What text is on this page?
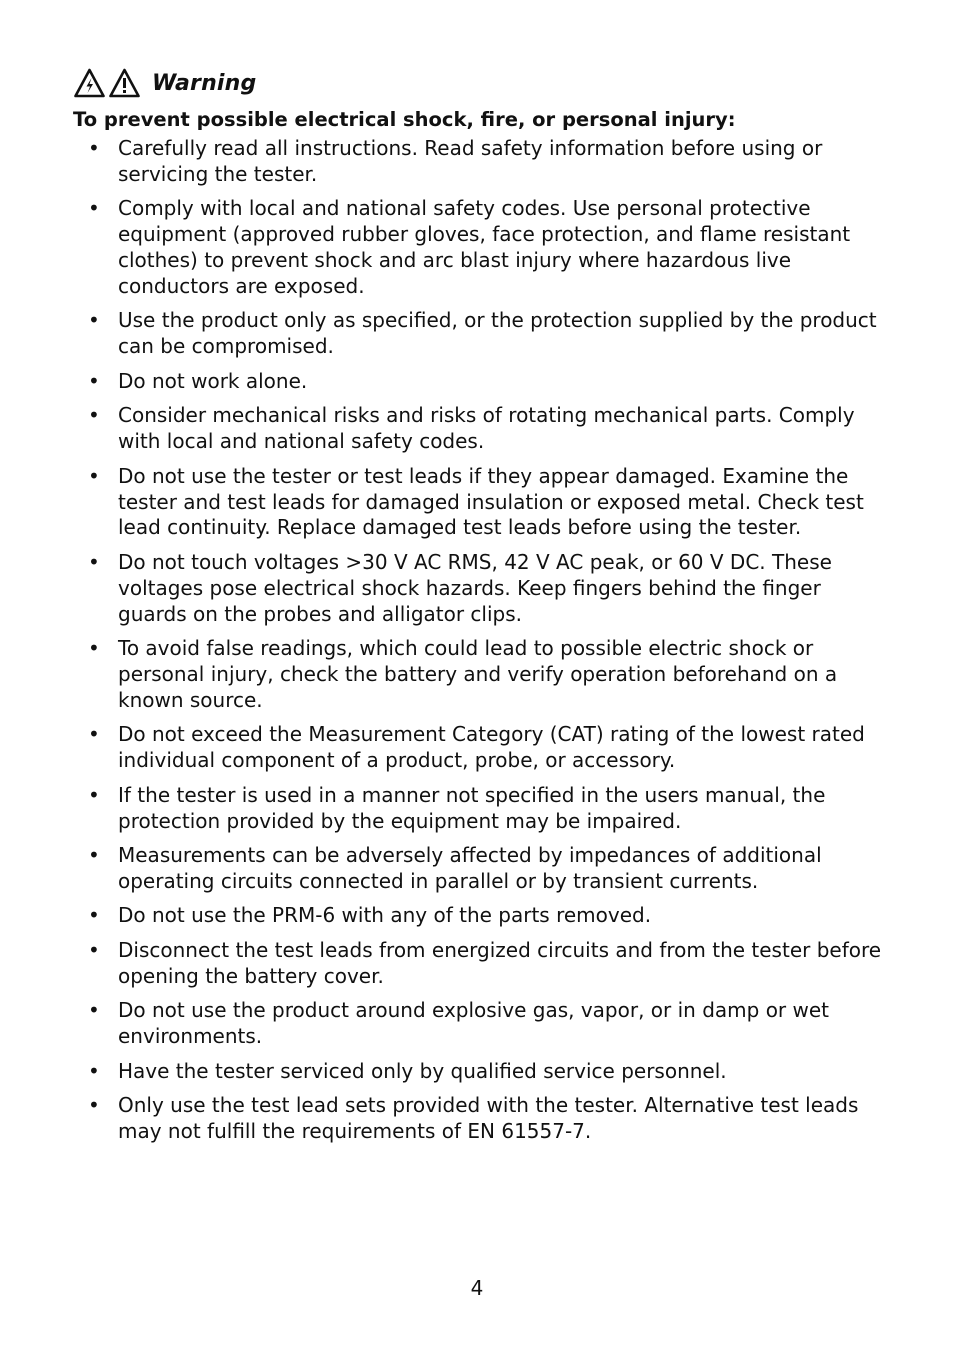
Warning
To prevent possible electrical shock, fire, or personal injury:
• Carefully read all instructions. Read safety information before using or servicing the tester.
• Comply with local and national safety codes. Use personal protective equipment (approved rubber gloves, face protection, and flame resistant clothes) to prevent shock and arc blast injury where hazardous live conductors are exposed.
• Use the product only as specified, or the protection supplied by the product can be compromised.
• Do not work alone.
• Consider mechanical risks and risks of rotating mechanical parts. Comply with local and national safety codes.
• Do not use the tester or test leads if they appear damaged. Examine the tester and test leads for damaged insulation or exposed metal. Check test lead continuity. Replace damaged test leads before using the tester.
• Do not touch voltages >30 V AC RMS, 42 V AC peak, or 60 V DC. These voltages pose electrical shock hazards. Keep fingers behind the finger guards on the probes and alligator clips.
• To avoid false readings, which could lead to possible electric shock or personal injury, check the battery and verify operation beforehand on a known source.
• Do not exceed the Measurement Category (CAT) rating of the lowest rated individual component of a product, probe, or accessory.
• If the tester is used in a manner not specified in the users manual, the protection provided by the equipment may be impaired.
• Measurements can be adversely affected by impedances of additional operating circuits connected in parallel or by transient currents.
• Do not use the PRM-6 with any of the parts removed.
• Disconnect the test leads from energized circuits and from the tester before opening the battery cover.
• Do not use the product around explosive gas, vapor, or in damp or wet environments.
• Have the tester serviced only by qualified service personnel.
• Only use the test lead sets provided with the tester. Alternative test leads may not fulfill the requirements of EN 61557-7.
4
